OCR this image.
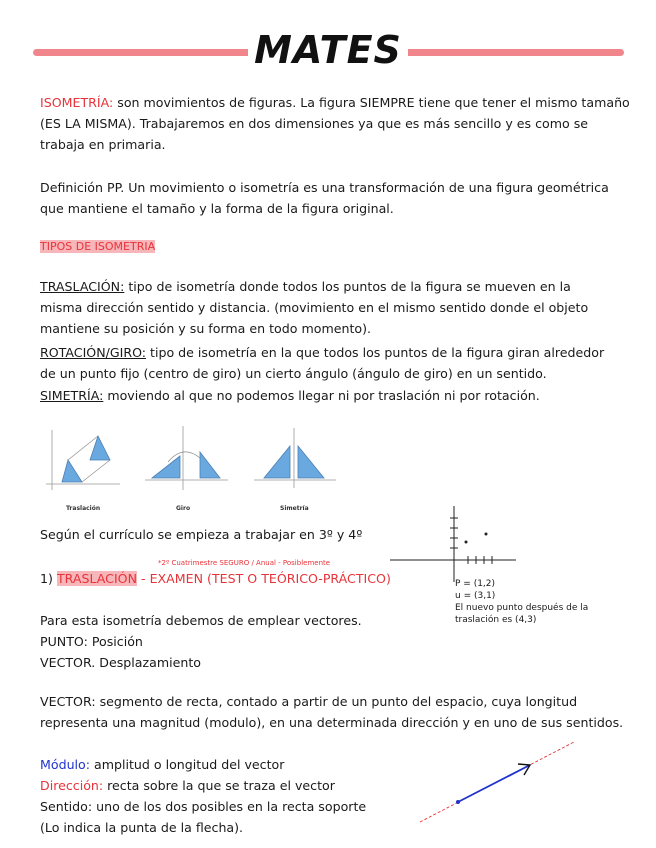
MATES
ISOMETRÍA: son movimientos de figuras. La figura SIEMPRE tiene que tener el mismo tamaño
(ES LA MISMA). Trabajaremos en dos dimensiones ya que es más sencillo y es como se
trabaja en primaria.
Definición PP. Un movimiento o isometría es una transformación de una figura geométrica
que mantiene el tamaño y la forma de la figura original.
TIPOS DE ISOMETRIA
TRASLACIÓN: tipo de isometría donde todos los puntos de la figura se mueven en la
misma dirección sentido y distancia. (movimiento en el mismo sentido donde el objeto
mantiene su posición y su forma en todo momento).
ROTACIÓN/GIRO: tipo de isometría en la que todos los puntos de la figura giran alrededor
de un punto fijo (centro de giro) un cierto ángulo (ángulo de giro) en un sentido.
SIMETRÍA: moviendo al que no podemos llegar ni por traslación ni por rotación.
Traslación	Giro	Simetría
Según el currículo se empieza a trabajar en 3º y 4º
*2º Cuatrimestre SEGURO / Anual - Posiblemente
1) TRASLACIÓN - EXAMEN (TEST O TEÓRICO-PRÁCTICO)
Para esta isometría debemos de emplear vectores.
PUNTO: Posición
VECTOR. Desplazamiento
P = (1,2)
u = (3,1)
El nuevo punto después de la
traslación es (4,3)
VECTOR: segmento de recta, contado a partir de un punto del espacio, cuya longitud
representa una magnitud (modulo), en una determinada dirección y en uno de sus sentidos.
Módulo: amplitud o longitud del vector
Dirección: recta sobre la que se traza el vector
Sentido: uno de los dos posibles en la recta soporte
(Lo indica la punta de la flecha).
